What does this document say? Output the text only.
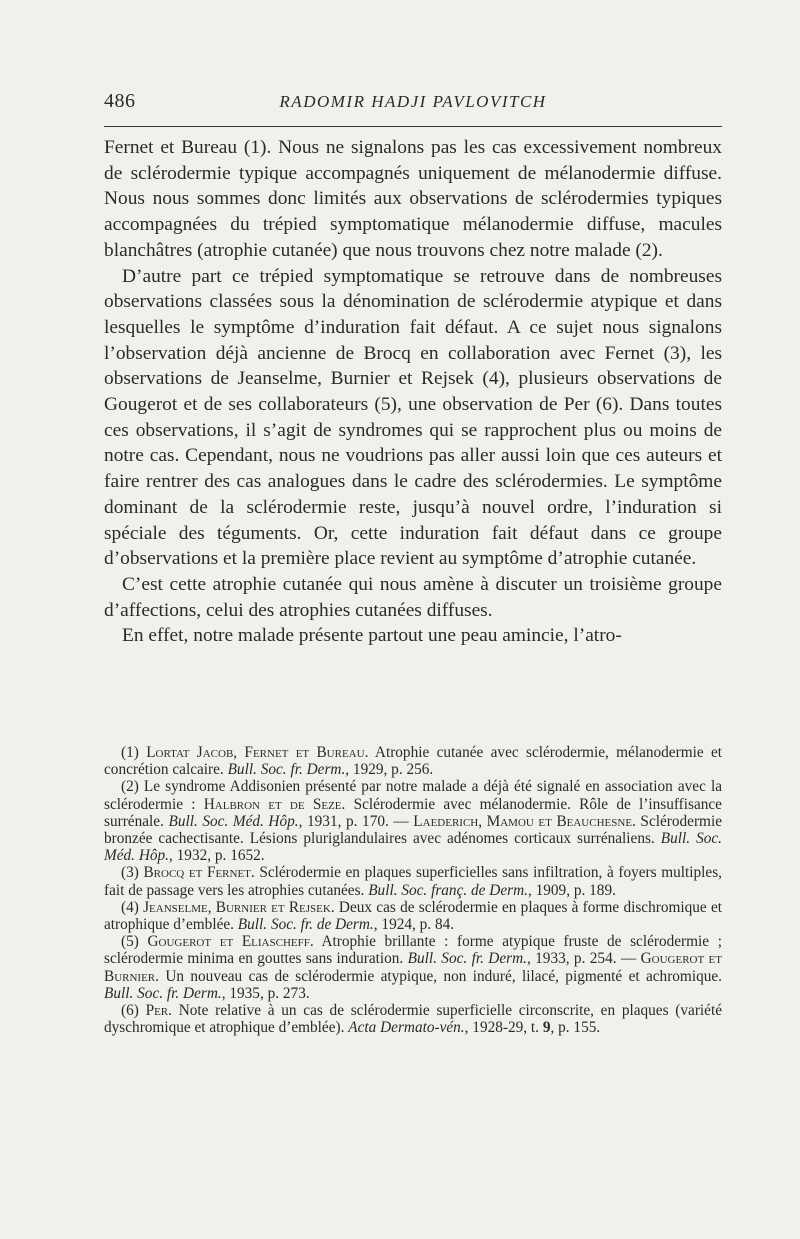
486	RADOMIR HADJI PAVLOVITCH

Fernet et Bureau (1). Nous ne signalons pas les cas excessivement nombreux de sclérodermie typique accompagnés uniquement de mélanodermie diffuse. Nous nous sommes donc limités aux observations de sclérodermies typiques accompagnées du trépied symptomatique mélanodermie diffuse, macules blanchâtres (atrophie cutanée) que nous trouvons chez notre malade (2).

D’autre part ce trépied symptomatique se retrouve dans de nombreuses observations classées sous la dénomination de sclérodermie atypique et dans lesquelles le symptôme d’induration fait défaut. A ce sujet nous signalons l’observation déjà ancienne de Brocq en collaboration avec Fernet (3), les observations de Jeanselme, Burnier et Rejsek (4), plusieurs observations de Gougerot et de ses collaborateurs (5), une observation de Per (6). Dans toutes ces observations, il s’agit de syndromes qui se rapprochent plus ou moins de notre cas. Cependant, nous ne voudrions pas aller aussi loin que ces auteurs et faire rentrer des cas analogues dans le cadre des sclérodermies. Le symptôme dominant de la sclérodermie reste, jusqu’à nouvel ordre, l’induration si spéciale des téguments. Or, cette induration fait défaut dans ce groupe d’observations et la première place revient au symptôme d’atrophie cutanée.

C’est cette atrophie cutanée qui nous amène à discuter un troisième groupe d’affections, celui des atrophies cutanées diffuses.

En effet, notre malade présente partout une peau amincie, l’atro-

(1) Lortat Jacob, Fernet et Bureau. Atrophie cutanée avec sclérodermie, mélanodermie et concrétion calcaire. Bull. Soc. fr. Derm., 1929, p. 256.

(2) Le syndrome Addisonien présenté par notre malade a déjà été signalé en association avec la sclérodermie : Halbron et de Seze. Sclérodermie avec mélanodermie. Rôle de l’insuffisance surrénale. Bull. Soc. Méd. Hôp., 1931, p. 170. — Laederich, Mamou et Beauchesne. Sclérodermie bronzée cachectisante. Lésions pluriglandulaires avec adénomes corticaux surrénaliens. Bull. Soc. Méd. Hôp., 1932, p. 1652.

(3) Brocq et Fernet. Sclérodermie en plaques superficielles sans infiltration, à foyers multiples, fait de passage vers les atrophies cutanées. Bull. Soc. franç. de Derm., 1909, p. 189.

(4) Jeanselme, Burnier et Rejsek. Deux cas de sclérodermie en plaques à forme dischromique et atrophique d’emblée. Bull. Soc. fr. de Derm., 1924, p. 84.

(5) Gougerot et Eliascheff. Atrophie brillante : forme atypique fruste de sclérodermie ; sclérodermie minima en gouttes sans induration. Bull. Soc. fr. Derm., 1933, p. 254. — Gougerot et Burnier. Un nouveau cas de sclérodermie atypique, non induré, lilacé, pigmenté et achromique. Bull. Soc. fr. Derm., 1935, p. 273.

(6) Per. Note relative à un cas de sclérodermie superficielle circonscrite, en plaques (variété dyschromique et atrophique d’emblée). Acta Dermato-vén., 1928-29, t. 9, p. 155.
